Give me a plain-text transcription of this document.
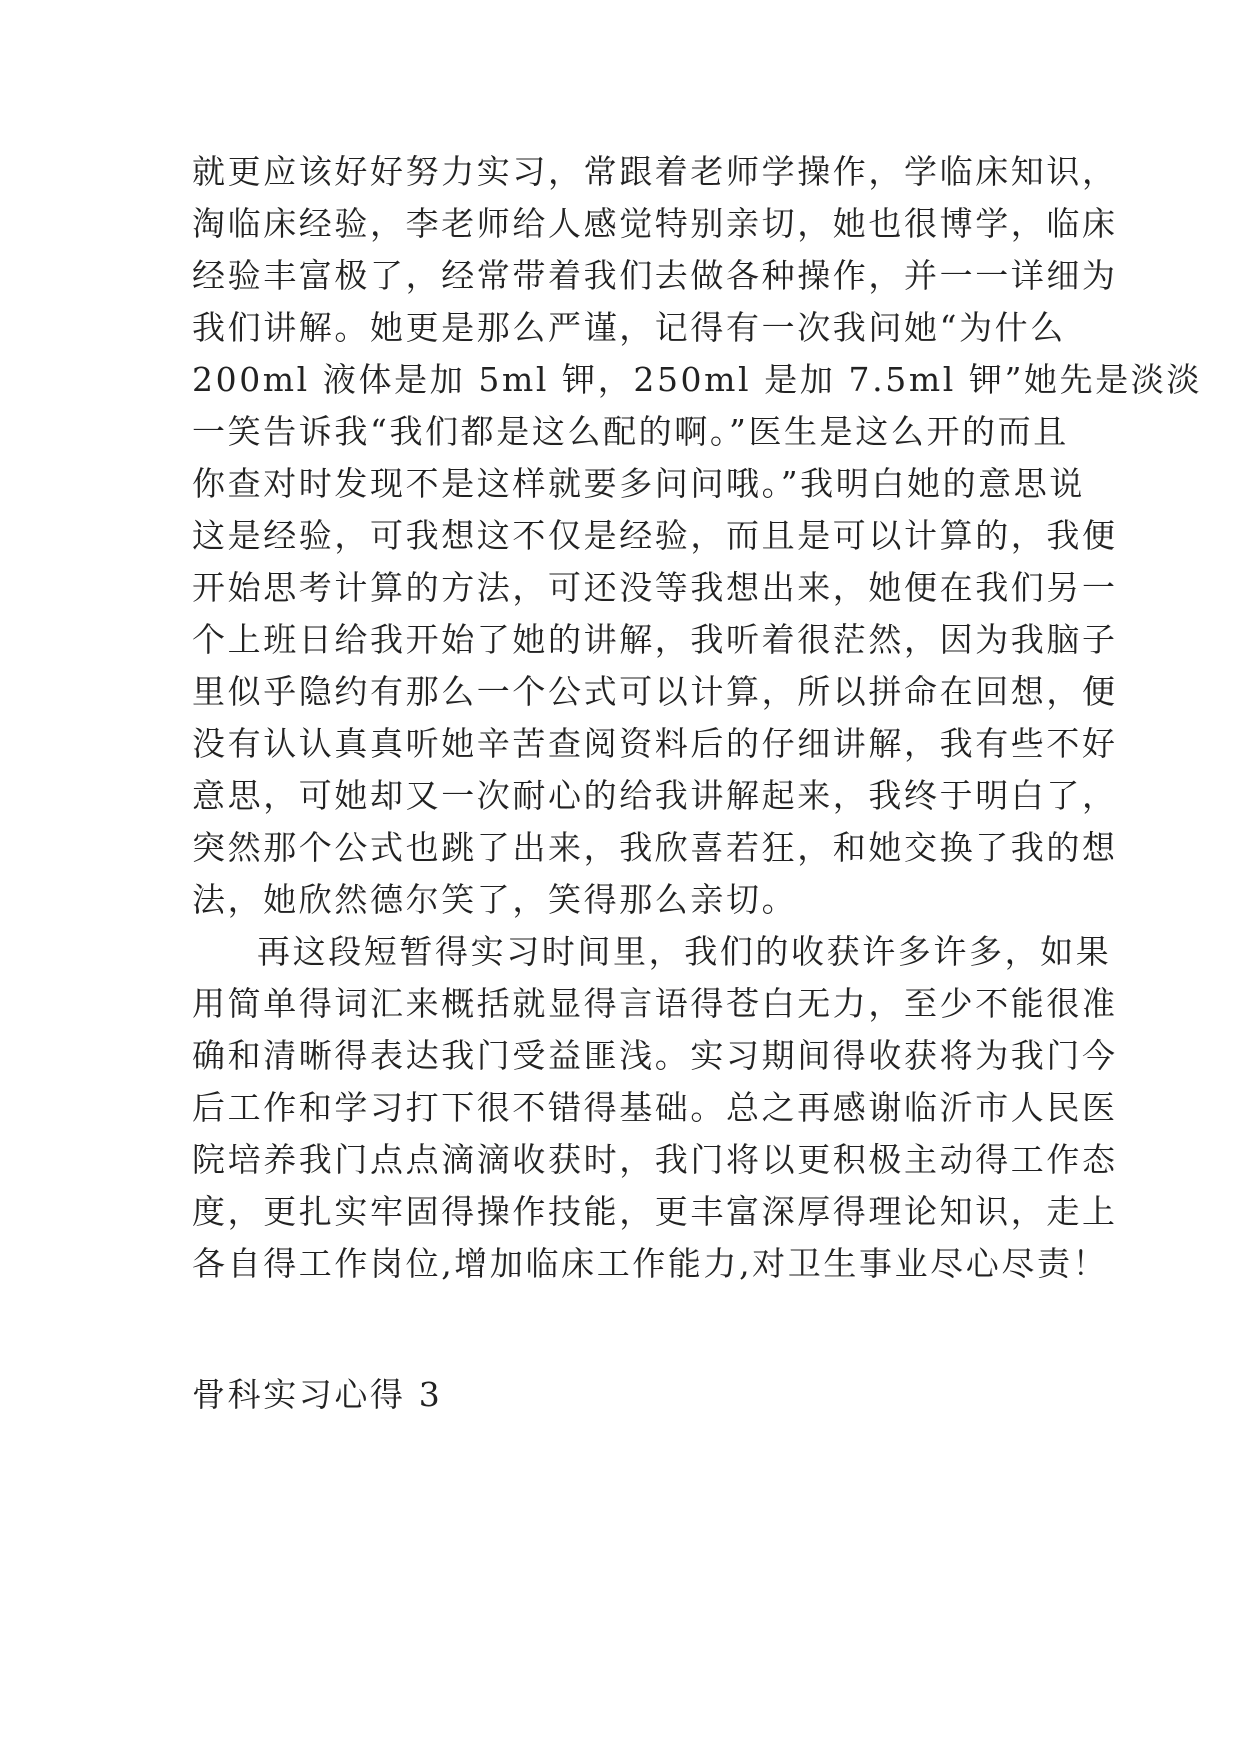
就更应该好好努力实习，常跟着老师学操作，学临床知识，
淘临床经验，李老师给人感觉特别亲切，她也很博学，临床
经验丰富极了，经常带着我们去做各种操作，并一一详细为
我们讲解。她更是那么严谨，记得有一次我问她“为什么
200ml 液体是加 5ml 钾，250ml 是加 7.5ml 钾”她先是淡淡
一笑告诉我“我们都是这么配的啊。”医生是这么开的而且
你查对时发现不是这样就要多问问哦。”我明白她的意思说
这是经验，可我想这不仅是经验，而且是可以计算的，我便
开始思考计算的方法，可还没等我想出来，她便在我们另一
个上班日给我开始了她的讲解，我听着很茫然，因为我脑子
里似乎隐约有那么一个公式可以计算，所以拼命在回想，便
没有认认真真听她辛苦查阅资料后的仔细讲解，我有些不好
意思，可她却又一次耐心的给我讲解起来，我终于明白了，
突然那个公式也跳了出来，我欣喜若狂，和她交换了我的想
法，她欣然德尔笑了，笑得那么亲切。
再这段短暂得实习时间里，我们的收获许多许多，如果
用简单得词汇来概括就显得言语得苍白无力，至少不能很准
确和清晰得表达我门受益匪浅。实习期间得收获将为我门今
后工作和学习打下很不错得基础。总之再感谢临沂市人民医
院培养我门点点滴滴收获时，我门将以更积极主动得工作态
度，更扎实牢固得操作技能，更丰富深厚得理论知识，走上
各自得工作岗位,增加临床工作能力,对卫生事业尽心尽责！
骨科实习心得 3
